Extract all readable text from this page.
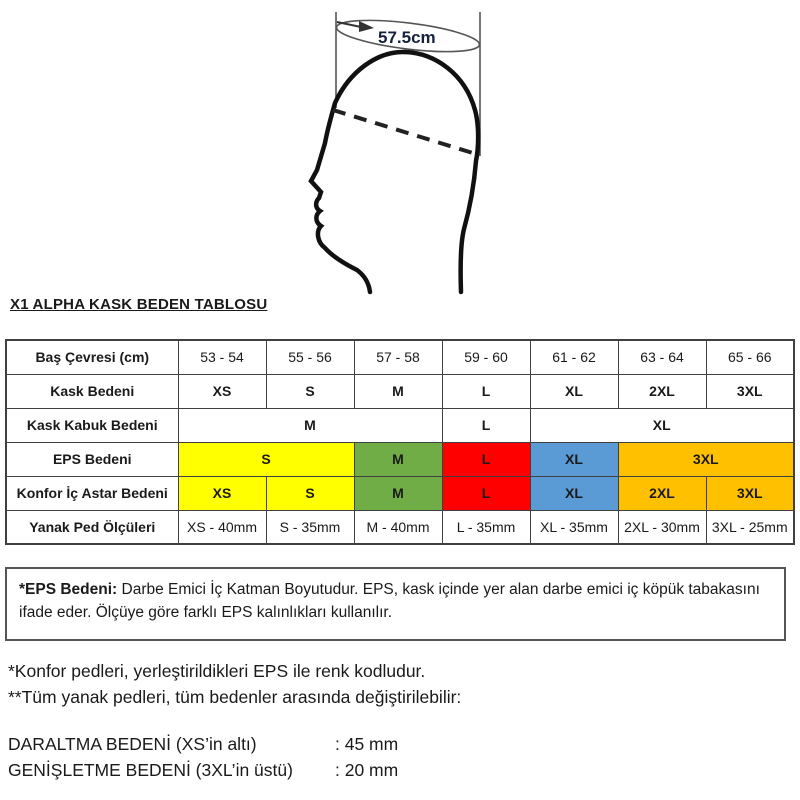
57.5cm
X1 ALPHA KASK BEDEN TABLOSU
Baş Çevresi (cm)	53 - 54	55 - 56	57 - 58	59 - 60	61 - 62	63 - 64	65 - 66
Kask Bedeni	XS	S	M	L	XL	2XL	3XL
Kask Kabuk Bedeni	M			L	XL		
EPS Bedeni	S		M	L	XL	3XL	
Konfor İç Astar Bedeni	XS	S	M	L	XL	2XL	3XL
Yanak Ped Ölçüleri	XS - 40mm	S - 35mm	M - 40mm	L - 35mm	XL - 35mm	2XL - 30mm	3XL - 25mm
*EPS Bedeni: Darbe Emici İç Katman Boyutudur. EPS, kask içinde yer alan darbe emici iç köpük tabakasını ifade eder. Ölçüye göre farklı EPS kalınlıkları kullanılır.
*Konfor pedleri, yerleştirildikleri EPS ile renk kodludur.
**Tüm yanak pedleri, tüm bedenler arasında değiştirilebilir:
DARALTMA BEDENİ (XS’in altı)	: 45 mm
GENİŞLETME BEDENİ (3XL’in üstü) : 20 mm
